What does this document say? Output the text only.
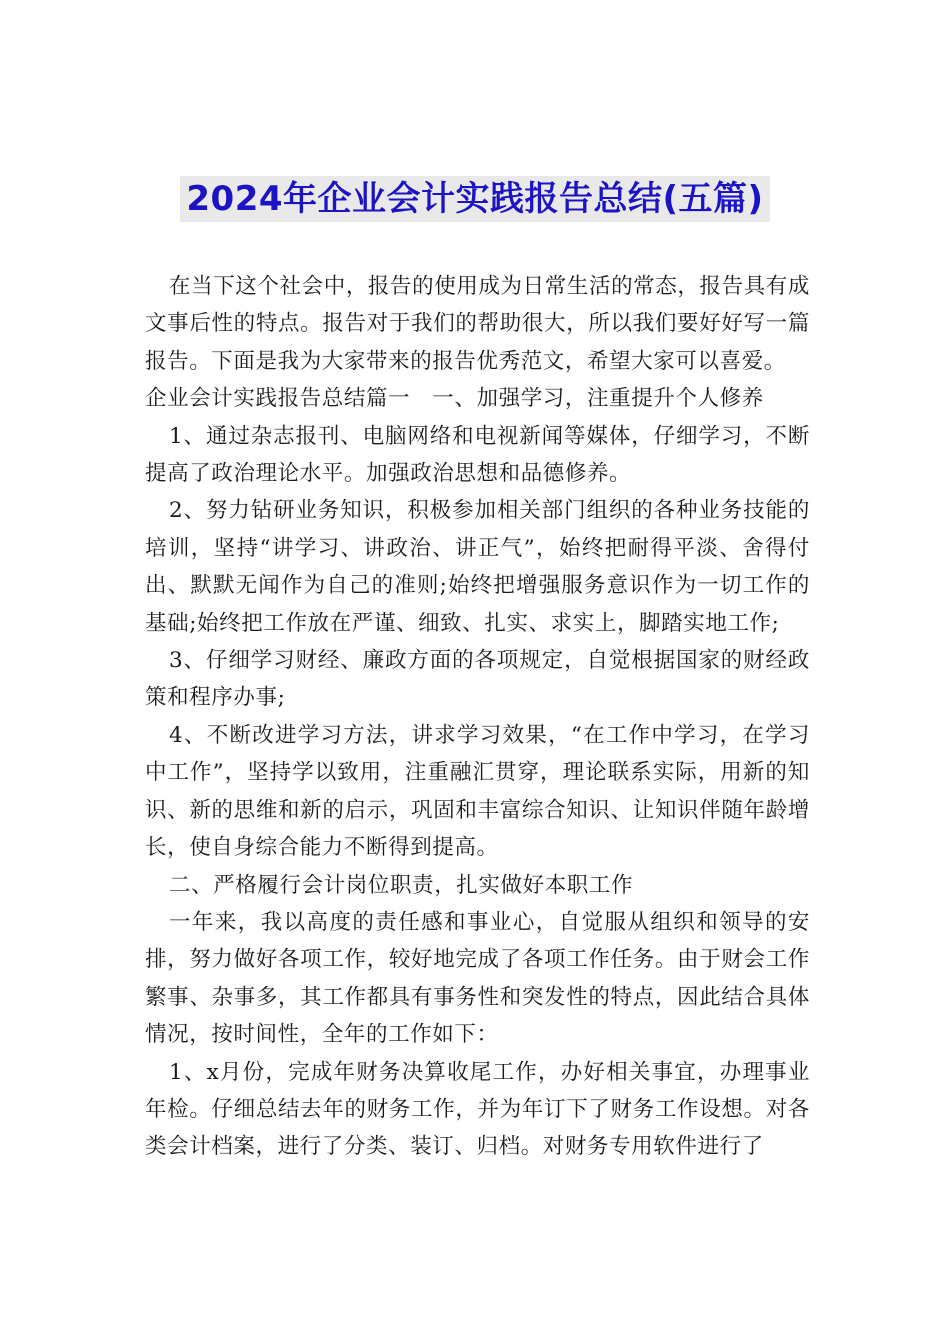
2024年企业会计实践报告总结(五篇)

在当下这个社会中，报告的使用成为日常生活的常态，报告具有成文事后性的特点。报告对于我们的帮助很大，所以我们要好好写一篇报告。下面是我为大家带来的报告优秀范文，希望大家可以喜爱。

企业会计实践报告总结篇一　一、加强学习，注重提升个人修养

1、通过杂志报刊、电脑网络和电视新闻等媒体，仔细学习，不断提高了政治理论水平。加强政治思想和品德修养。

2、努力钻研业务知识，积极参加相关部门组织的各种业务技能的培训，坚持“讲学习、讲政治、讲正气”，始终把耐得平淡、舍得付出、默默无闻作为自己的准则;始终把增强服务意识作为一切工作的基础;始终把工作放在严谨、细致、扎实、求实上，脚踏实地工作;

3、仔细学习财经、廉政方面的各项规定，自觉根据国家的财经政策和程序办事;

4、不断改进学习方法，讲求学习效果，“在工作中学习，在学习中工作”，坚持学以致用，注重融汇贯穿，理论联系实际，用新的知识、新的思维和新的启示，巩固和丰富综合知识、让知识伴随年龄增长，使自身综合能力不断得到提高。

二、严格履行会计岗位职责，扎实做好本职工作

一年来，我以高度的责任感和事业心，自觉服从组织和领导的安排，努力做好各项工作，较好地完成了各项工作任务。由于财会工作繁事、杂事多，其工作都具有事务性和突发性的特点，因此结合具体情况，按时间性，全年的工作如下：

1、x月份，完成年财务决算收尾工作，办好相关事宜，办理事业年检。仔细总结去年的财务工作，并为年订下了财务工作设想。对各类会计档案，进行了分类、装订、归档。对财务专用软件进行了
